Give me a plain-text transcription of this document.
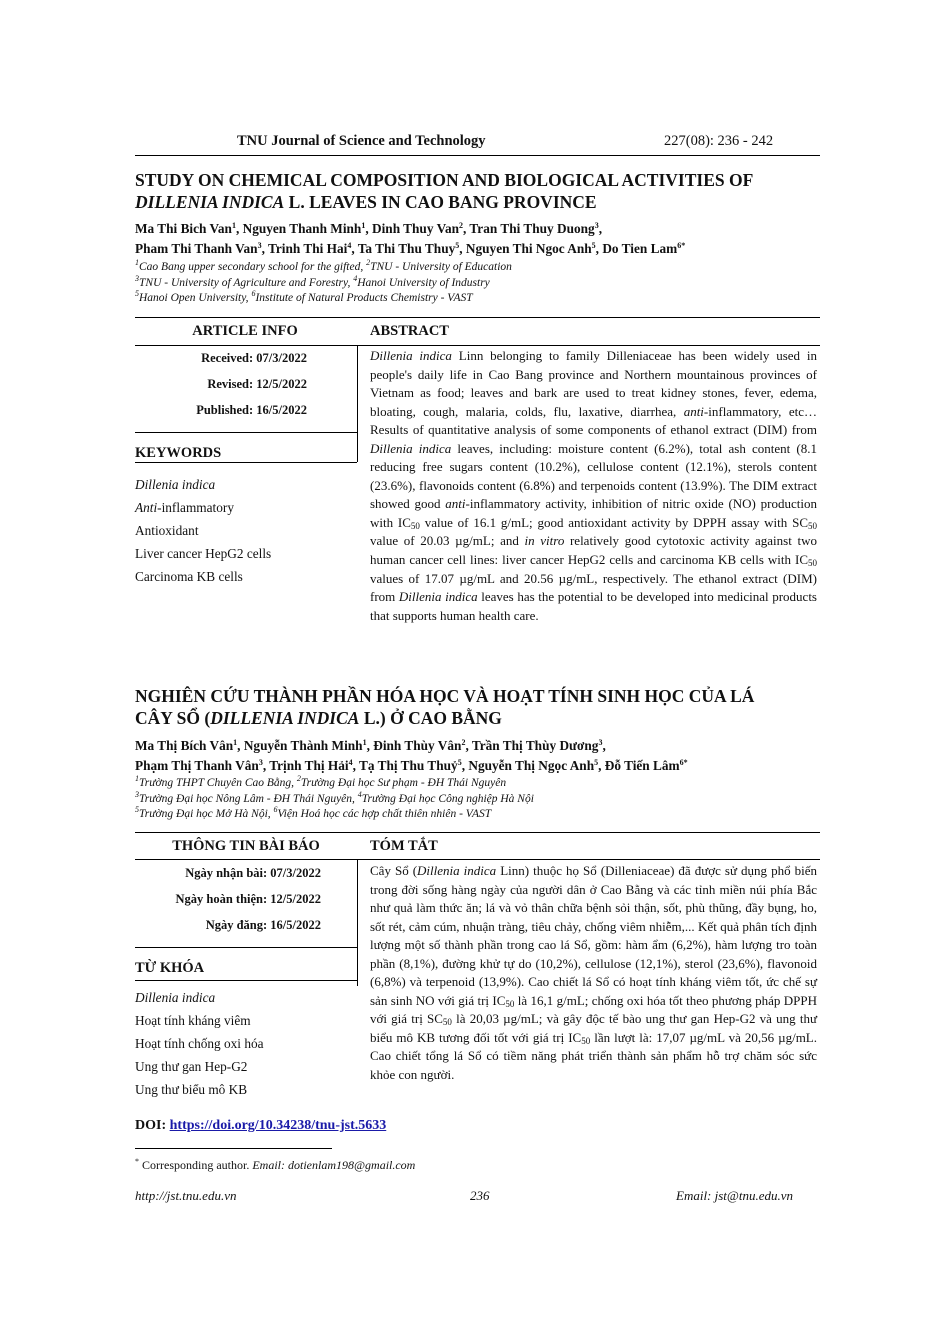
TNU Journal of Science and Technology	227(08): 236 - 242
STUDY ON CHEMICAL COMPOSITION AND BIOLOGICAL ACTIVITIES OF
DILLENIA INDICA L. LEAVES IN CAO BANG PROVINCE
Ma Thi Bich Van$^1$, Nguyen Thanh Minh$^1$, Dinh Thuy Van$^2$, Tran Thi Thuy Duong$^3$,
Pham Thi Thanh Van$^3$, Trinh Thi Hai$^4$, Ta Thi Thu Thuy$^5$, Nguyen Thi Ngoc Anh$^5$, Do Tien Lam$^{6*}$
$^1$Cao Bang upper secondary school for the gifted, $^2$TNU - University of Education
$^3$TNU - University of Agriculture and Forestry, $^4$Hanoi University of Industry
$^5$Hanoi Open University, $^6$Institute of Natural Products Chemistry - VAST
ARTICLE INFO	ABSTRACT
Received: 07/3/2022
Revised: 12/5/2022
Published: 16/5/2022
KEYWORDS
Dillenia indica
Anti-inflammatory
Antioxidant
Liver cancer HepG2 cells
Carcinoma KB cells
Dillenia indica Linn belonging to family Dilleniaceae has been widely used in people's daily life in Cao Bang province and Northern mountainous provinces of Vietnam as food; leaves and bark are used to treat kidney stones, fever, edema, bloating, cough, malaria, colds, flu, laxative, diarrhea, anti-inflammatory, etc… Results of quantitative analysis of some components of ethanol extract (DIM) from Dillenia indica leaves, including: moisture content (6.2%), total ash content (8.1 reducing free sugars content (10.2%), cellulose content (12.1%), sterols content (23.6%), flavonoids content (6.8%) and terpenoids content (13.9%). The DIM extract showed good anti-inflammatory activity, inhibition of nitric oxide (NO) production with $IC_{50}$ value of 16.1 g/mL; good antioxidant activity by DPPH assay with $SC_{50}$ value of 20.03 µg/mL; and in vitro relatively good cytotoxic activity against two human cancer cell lines: liver cancer HepG2 cells and carcinoma KB cells with $IC_{50}$ values of 17.07 µg/mL and 20.56 µg/mL, respectively. The ethanol extract (DIM) from Dillenia indica leaves has the potential to be developed into medicinal products that supports human health care.
NGHIÊN CỨU THÀNH PHẦN HÓA HỌC VÀ HOẠT TÍNH SINH HỌC CỦA LÁ
CÂY SỔ (DILLENIA INDICA L.) Ở CAO BẰNG
Ma Thị Bích Vân$^1$, Nguyễn Thành Minh$^1$, Đinh Thùy Vân$^2$, Trần Thị Thùy Dương$^3$,
Phạm Thị Thanh Vân$^3$, Trịnh Thị Hải$^4$, Tạ Thị Thu Thuỷ$^5$, Nguyễn Thị Ngọc Anh$^5$, Đỗ Tiến Lâm$^{6*}$
$^1$Trường THPT Chuyên Cao Bằng, $^2$Trường Đại học Sư phạm - ĐH Thái Nguyên
$^3$Trường Đại học Nông Lâm - ĐH Thái Nguyên, $^4$Trường Đại học Công nghiệp Hà Nội
$^5$Trường Đại học Mở Hà Nội, $^6$Viện Hoá học các hợp chất thiên nhiên - VAST
THÔNG TIN BÀI BÁO	TÓM TẮT
Ngày nhận bài: 07/3/2022
Ngày hoàn thiện: 12/5/2022
Ngày đăng: 16/5/2022
TỪ KHÓA
Dillenia indica
Hoạt tính kháng viêm
Hoạt tính chống oxi hóa
Ung thư gan Hep-G2
Ung thư biểu mô KB
Cây Sổ (Dillenia indica Linn) thuộc họ Sổ (Dilleniaceae) đã được sử dụng phổ biến trong đời sống hàng ngày của người dân ở Cao Bằng và các tỉnh miền núi phía Bắc như quả làm thức ăn; lá và vỏ thân chữa bệnh sỏi thận, sốt, phù thũng, đầy bụng, ho, sốt rét, cảm cúm, nhuận tràng, tiêu chảy, chống viêm nhiễm,... Kết quả phân tích định lượng một số thành phần trong cao lá Sổ, gồm: hàm ẩm (6,2%), hàm lượng tro toàn phần (8,1%), đường khử tự do (10,2%), cellulose (12,1%), sterol (23,6%), flavonoid (6,8%) và terpenoid (13,9%). Cao chiết lá Sổ có hoạt tính kháng viêm tốt, ức chế sự sản sinh NO với giá trị $IC_{50}$ là 16,1 g/mL; chống oxi hóa tốt theo phương pháp DPPH với giá trị $SC_{50}$ là 20,03 µg/mL; và gây độc tế bào ung thư gan Hep-G2 và ung thư biểu mô KB tương đối tốt với giá trị $IC_{50}$ lần lượt là: 17,07 µg/mL và 20,56 µg/mL. Cao chiết tổng lá Sổ có tiềm năng phát triển thành sản phẩm hỗ trợ chăm sóc sức khỏe con người.
DOI: https://doi.org/10.34238/tnu-jst.5633
* Corresponding author. Email: dotienlam198@gmail.com
http://jst.tnu.edu.vn	236	Email: jst@tnu.edu.vn
